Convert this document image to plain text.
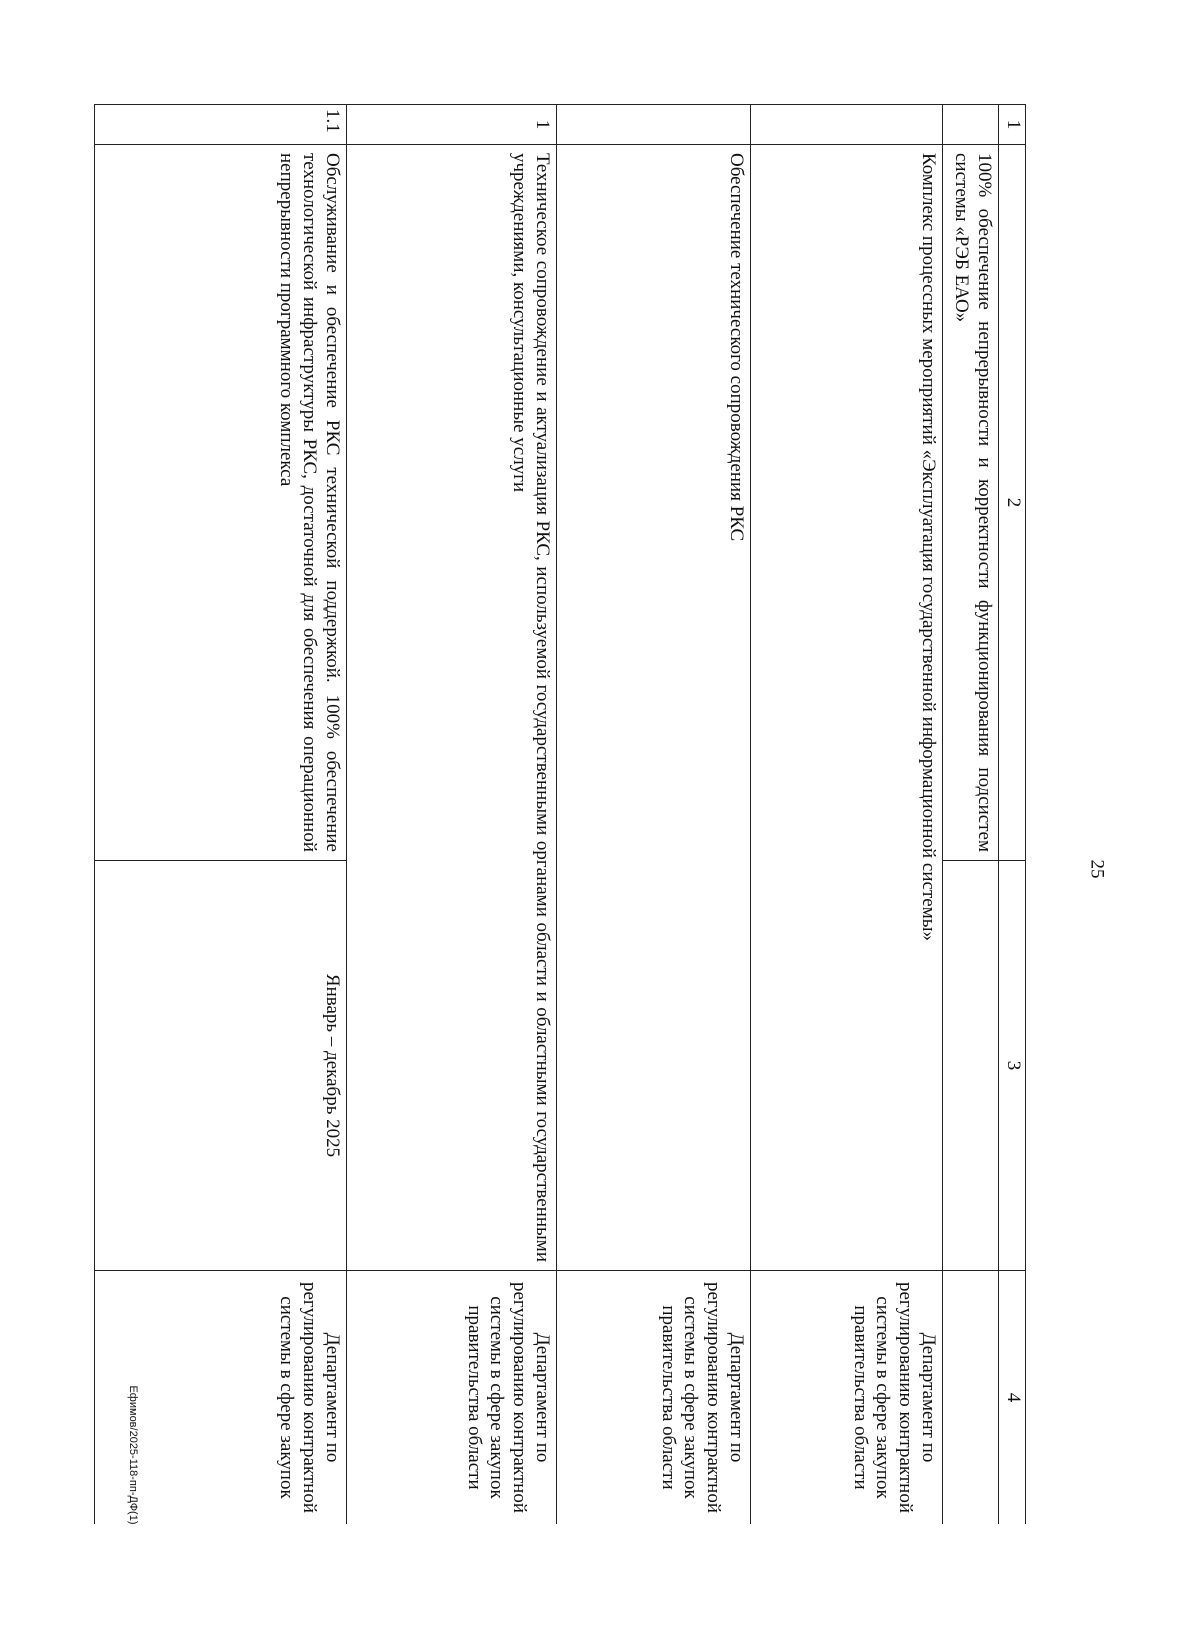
25
1	2	3	4
	100% обеспечение непрерывности и корректности функционирования подсистем системы «РЭБ ЕАО»		
	Комплекс процессных мероприятий «Эксплуатация государственной информационной системы»		Департамент по регулированию контрактной системы в сфере закупок правительства области
	Обеспечение технического сопровождения РКС		Департамент по регулированию контрактной системы в сфере закупок правительства области
1	Техническое сопровождение и актуализация РКС, используемой государственными органами области и областными государственными учреждениями, консультационные услуги		Департамент по регулированию контрактной системы в сфере закупок правительства области
1.1	Обслуживание и обеспечение РКС технической поддержкой. 100% обеспечение технологической инфраструктуры РКС, достаточной для обеспечения операционной непрерывности программного комплекса	Январь – декабрь 2025	Департамент по регулированию контрактной системы в сфере закупок
Ефимов/2025-118-пп-ДФ(1)
